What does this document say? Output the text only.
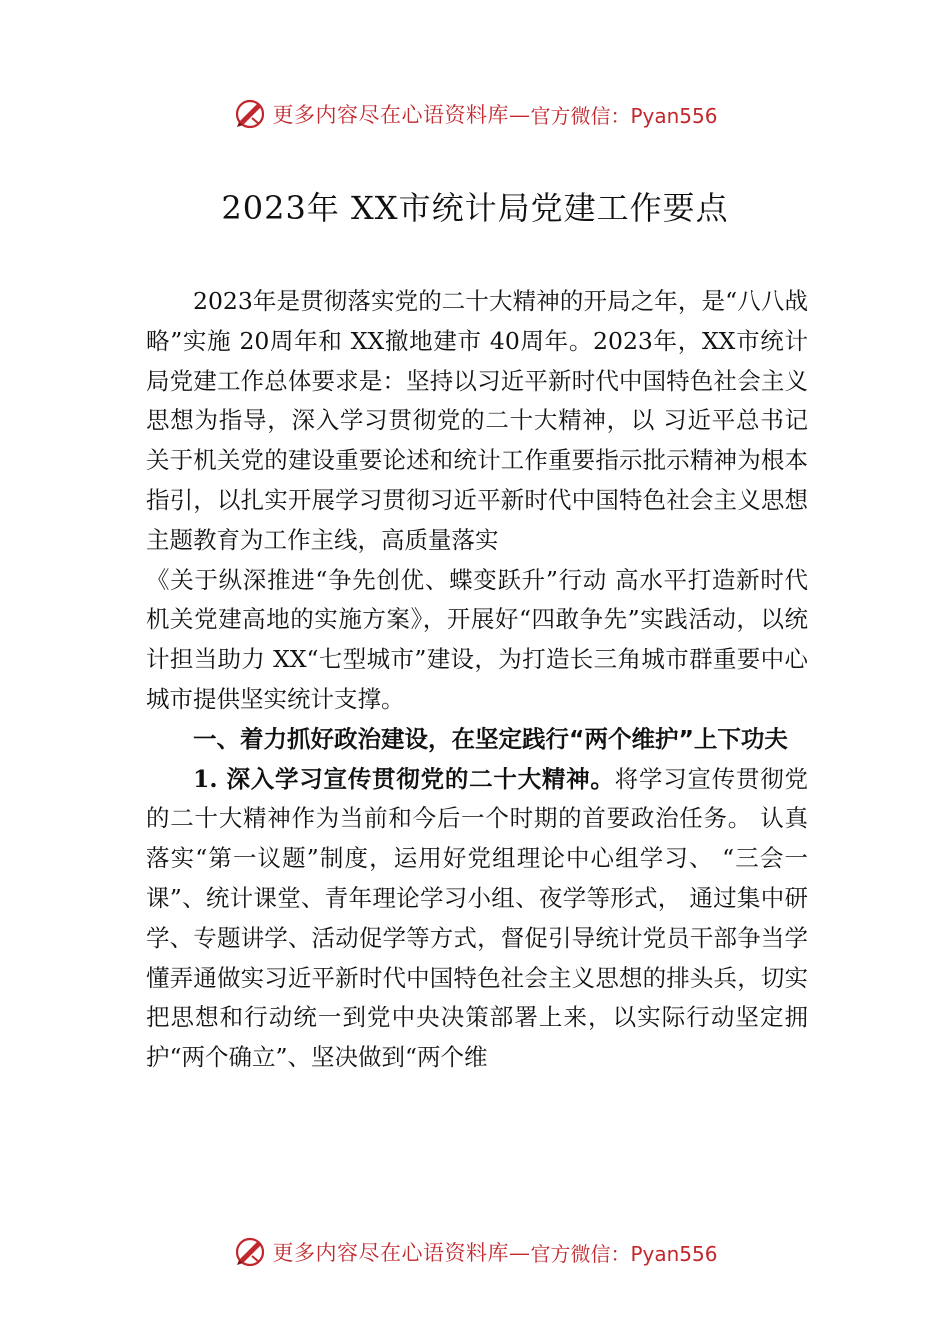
更多内容尽在心语资料库— 官方微信：Pyan556
2023年 XX市统计局党建工作要点

2023年是贯彻落实党的二十大精神的开局之年，是“八八战略”实施 20周年和 XX撤地建市 40周年。2023年，XX市统计局党建工作总体要求是：坚持以习近平新时代中国特色社会主义思想为指导，深入学习贯彻党的二十大精神，以 习近平总书记关于机关党的建设重要论述和统计工作重要指示批示精神为根本指引，以扎实开展学习贯彻习近平新时代中国特色社会主义思想主题教育为工作主线，高质量落实

《关于纵深推进“争先创优、蝶变跃升”行动 高水平打造新时代机关党建高地的实施方案》，开展好“四敢争先”实践活动，以统计担当助力 XX“七型城市”建设，为打造长三角城市群重要中心城市提供坚实统计支撑。

一、着力抓好政治建设，在坚定践行“两个维护”上下功夫

1. 深入学习宣传贯彻党的二十大精神。将学习宣传贯彻党的二十大精神作为当前和今后一个时期的首要政治任务。 认真落实“第一议题”制度，运用好党组理论中心组学习、 “三会一课”、统计课堂、青年理论学习小组、夜学等形式， 通过集中研学、专题讲学、活动促学等方式，督促引导统计党员干部争当学懂弄通做实习近平新时代中国特色社会主义思想的排头兵，切实把思想和行动统一到党中央决策部署上来，以实际行动坚定拥护“两个确立”、坚决做到“两个维

更多内容尽在心语资料库— 官方微信：Pyan556
